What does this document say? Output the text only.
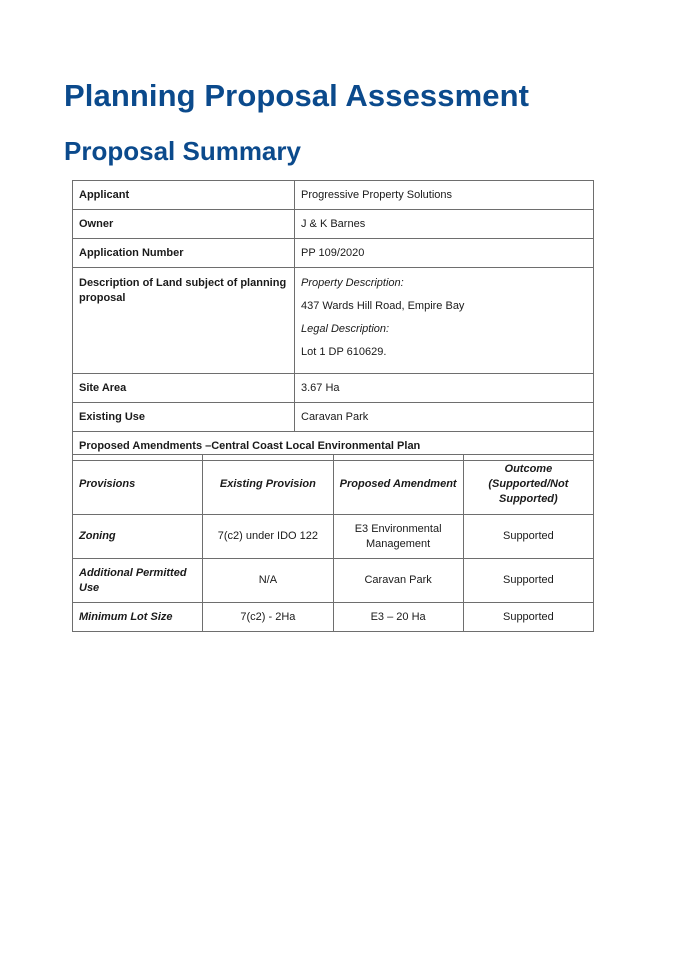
Planning Proposal Assessment
Proposal Summary
Applicant	Progressive Property Solutions
Owner	J & K Barnes
Application Number	PP 109/2020
Description of Land subject of planning proposal	Property Description:
437 Wards Hill Road, Empire Bay
Legal Description:
Lot 1 DP 610629.

Site Area	3.67 Ha
Existing Use	Caravan Park
Proposed Amendments –Central Coast Local Environmental Plan	
Provisions	Existing Provision	Proposed Amendment	Outcome (Supported/Not Supported)
Zoning	7(c2) under IDO 122	E3 Environmental Management	Supported
Additional Permitted Use	N/A	Caravan Park	Supported
Minimum Lot Size	7(c2) - 2Ha	E3 – 20 Ha	Supported
